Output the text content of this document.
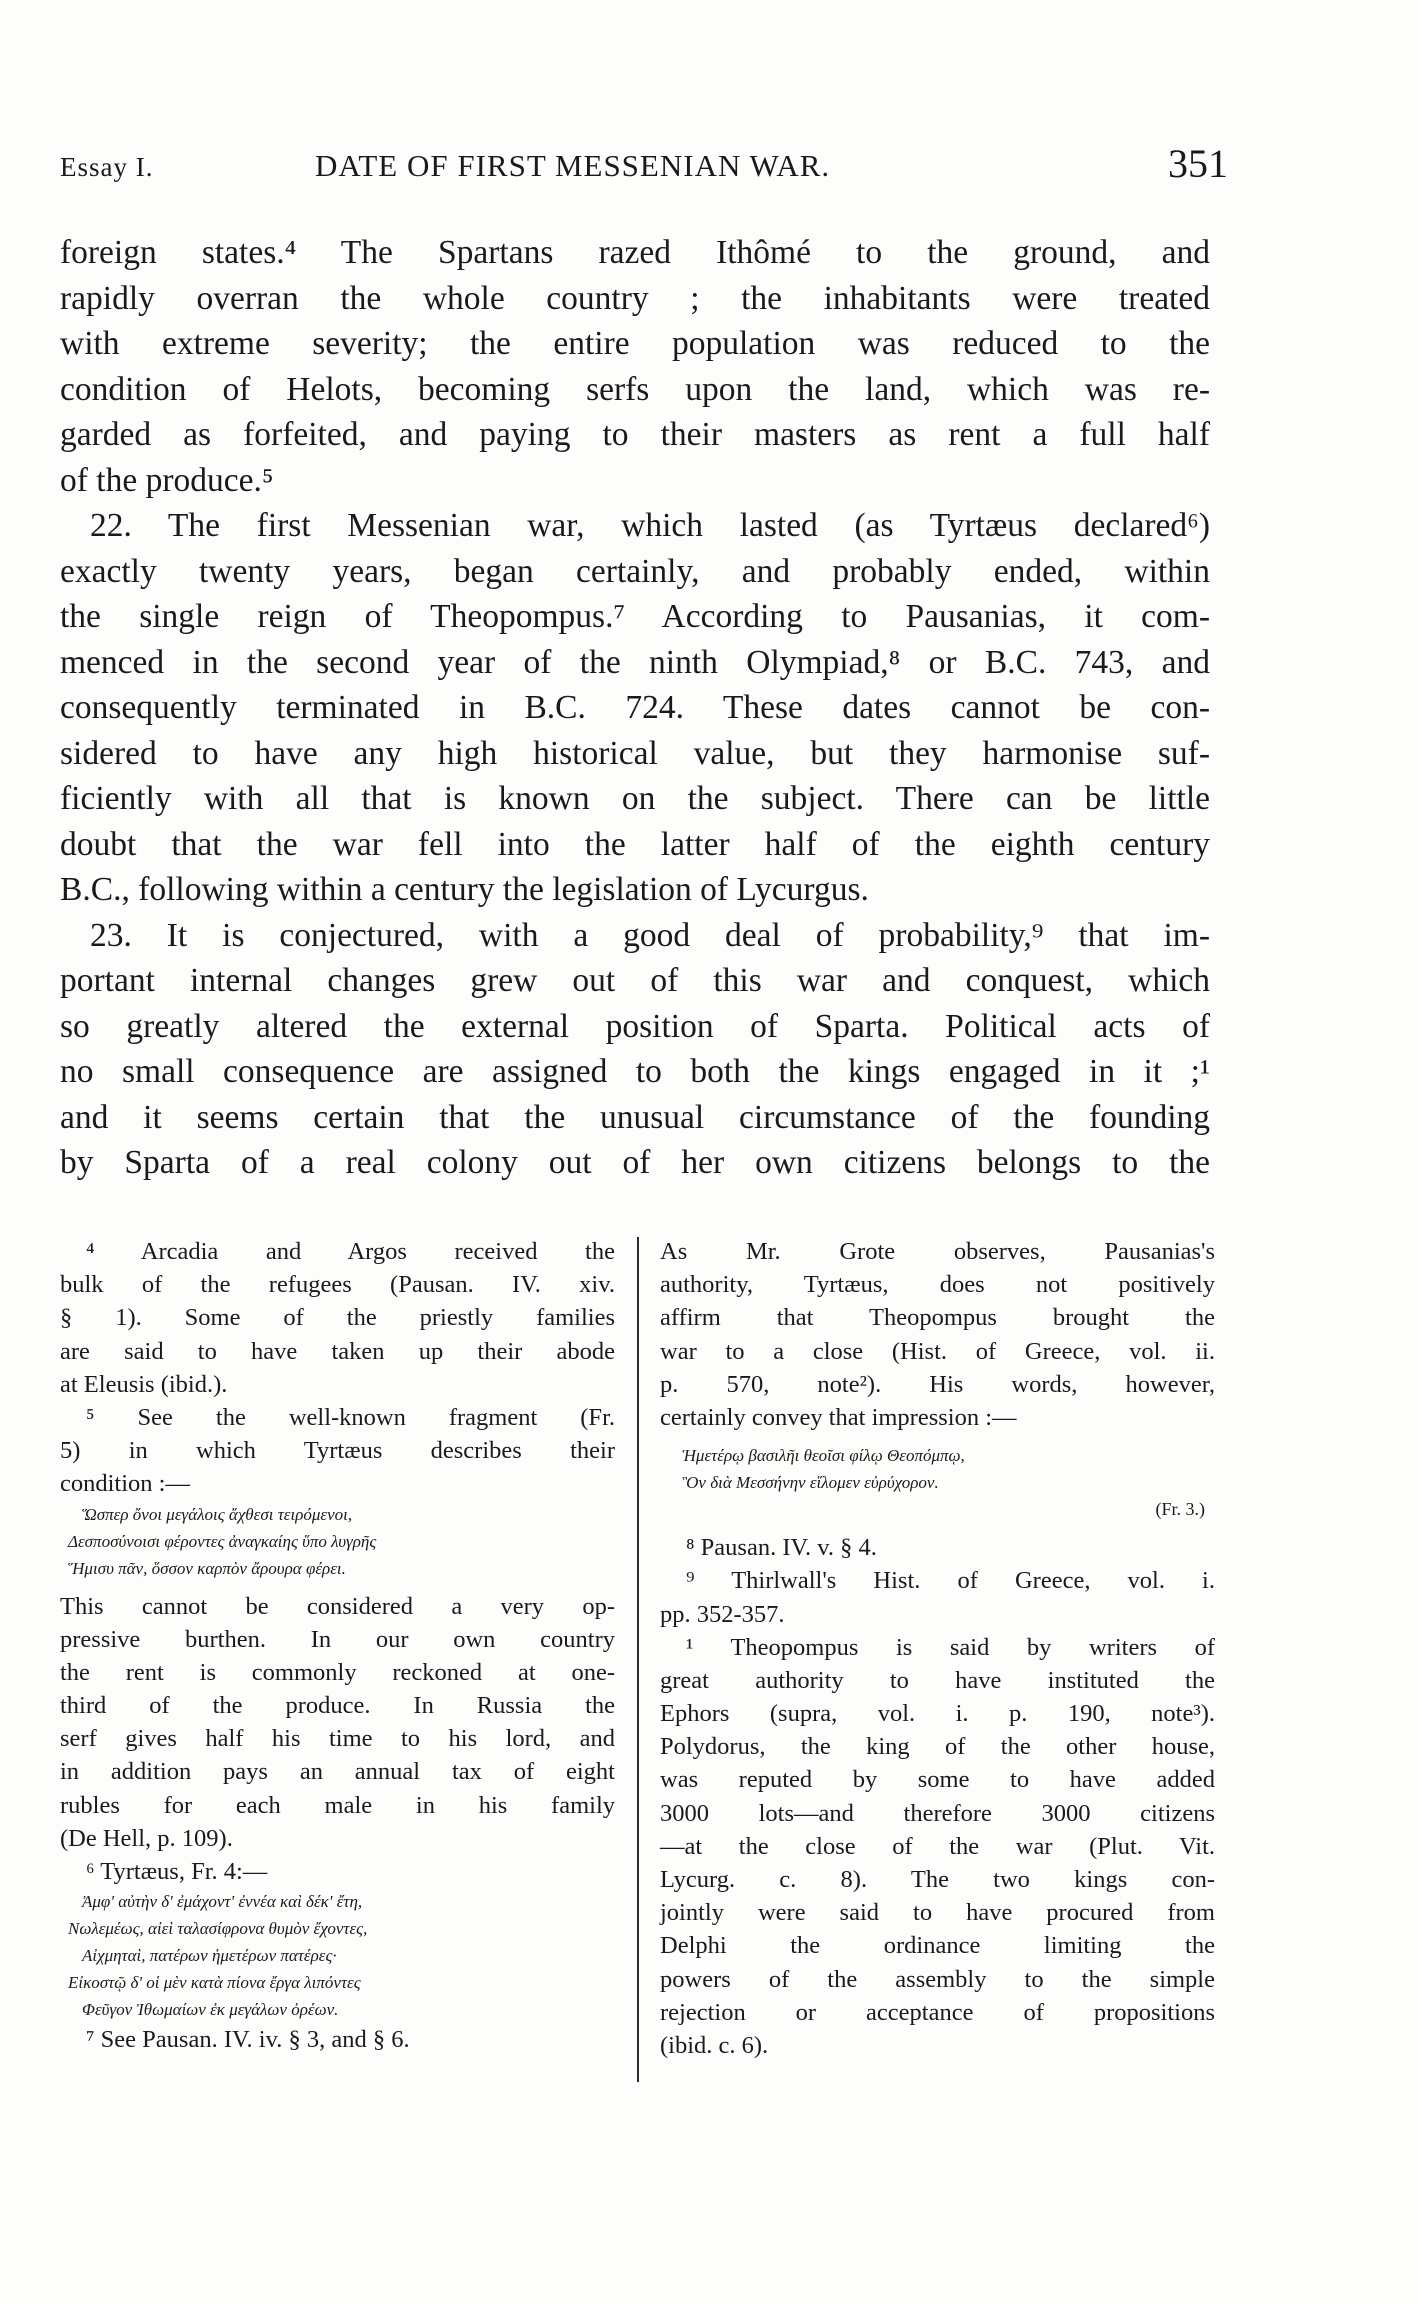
Essay I.	DATE OF FIRST MESSENIAN WAR.	351
foreign states.⁴ The Spartans razed Ithômé to the ground, and
rapidly overran the whole country ; the inhabitants were treated
with extreme severity; the entire population was reduced to the
condition of Helots, becoming serfs upon the land, which was re-
garded as forfeited, and paying to their masters as rent a full half
of the produce.⁵
22. The first Messenian war, which lasted (as Tyrtæus declared⁶)
exactly twenty years, began certainly, and probably ended, within
the single reign of Theopompus.⁷ According to Pausanias, it com-
menced in the second year of the ninth Olympiad,⁸ or B.C. 743, and
consequently terminated in B.C. 724. These dates cannot be con-
sidered to have any high historical value, but they harmonise suf-
ficiently with all that is known on the subject. There can be little
doubt that the war fell into the latter half of the eighth century
B.C., following within a century the legislation of Lycurgus.
23. It is conjectured, with a good deal of probability,⁹ that im-
portant internal changes grew out of this war and conquest, which
so greatly altered the external position of Sparta. Political acts of
no small consequence are assigned to both the kings engaged in it ;¹
and it seems certain that the unusual circumstance of the founding
by Sparta of a real colony out of her own citizens belongs to the
⁴ Arcadia and Argos received the
bulk of the refugees (Pausan. IV. xiv.
§ 1). Some of the priestly families
are said to have taken up their abode
at Eleusis (ibid.).
⁵ See the well-known fragment (Fr.
5) in which Tyrtæus describes their
condition :—
Ὥσπερ ὄνοι μεγάλοις ἄχθεσι τειρόμενοι,
Δεσποσύνοισι φέροντες ἀναγκαίης ὕπο λυγρῆς
Ἥμισυ πᾶν, ὅσσον καρπὸν ἄρουρα φέρει.
This cannot be considered a very op-
pressive burthen. In our own country
the rent is commonly reckoned at one-
third of the produce. In Russia the
serf gives half his time to his lord, and
in addition pays an annual tax of eight
rubles for each male in his family
(De Hell, p. 109).
⁶ Tyrtæus, Fr. 4:—
Ἀμφ' αὐτὴν δ' ἐμάχοντ' ἐννέα καὶ δέκ' ἔτη,
Νωλεμέως, αἰεὶ ταλασίφρονα θυμὸν ἔχοντες,
Αἰχμηταὶ, πατέρων ἡμετέρων πατέρες·
Εἰκοστῷ δ' οἱ μὲν κατὰ πίονα ἔργα λιπόντες
Φεῦγον Ἰθωμαίων ἐκ μεγάλων ὀρέων.
⁷ See Pausan. IV. iv. § 3, and § 6.
As Mr. Grote observes, Pausanias's
authority, Tyrtæus, does not positively
affirm that Theopompus brought the
war to a close (Hist. of Greece, vol. ii.
p. 570, note²). His words, however,
certainly convey that impression :—
Ἡμετέρῳ βασιλῆι θεοῖσι φίλῳ Θεοπόμπῳ,
Ὃν διὰ Μεσσήνην εἵλομεν εὐρύχορον.
(Fr. 3.)
⁸ Pausan. IV. v. § 4.
⁹ Thirlwall's Hist. of Greece, vol. i.
pp. 352-357.
¹ Theopompus is said by writers of
great authority to have instituted the
Ephors (supra, vol. i. p. 190, note³).
Polydorus, the king of the other house,
was reputed by some to have added
3000 lots—and therefore 3000 citizens
—at the close of the war (Plut. Vit.
Lycurg. c. 8). The two kings con-
jointly were said to have procured from
Delphi the ordinance limiting the
powers of the assembly to the simple
rejection or acceptance of propositions
(ibid. c. 6).
